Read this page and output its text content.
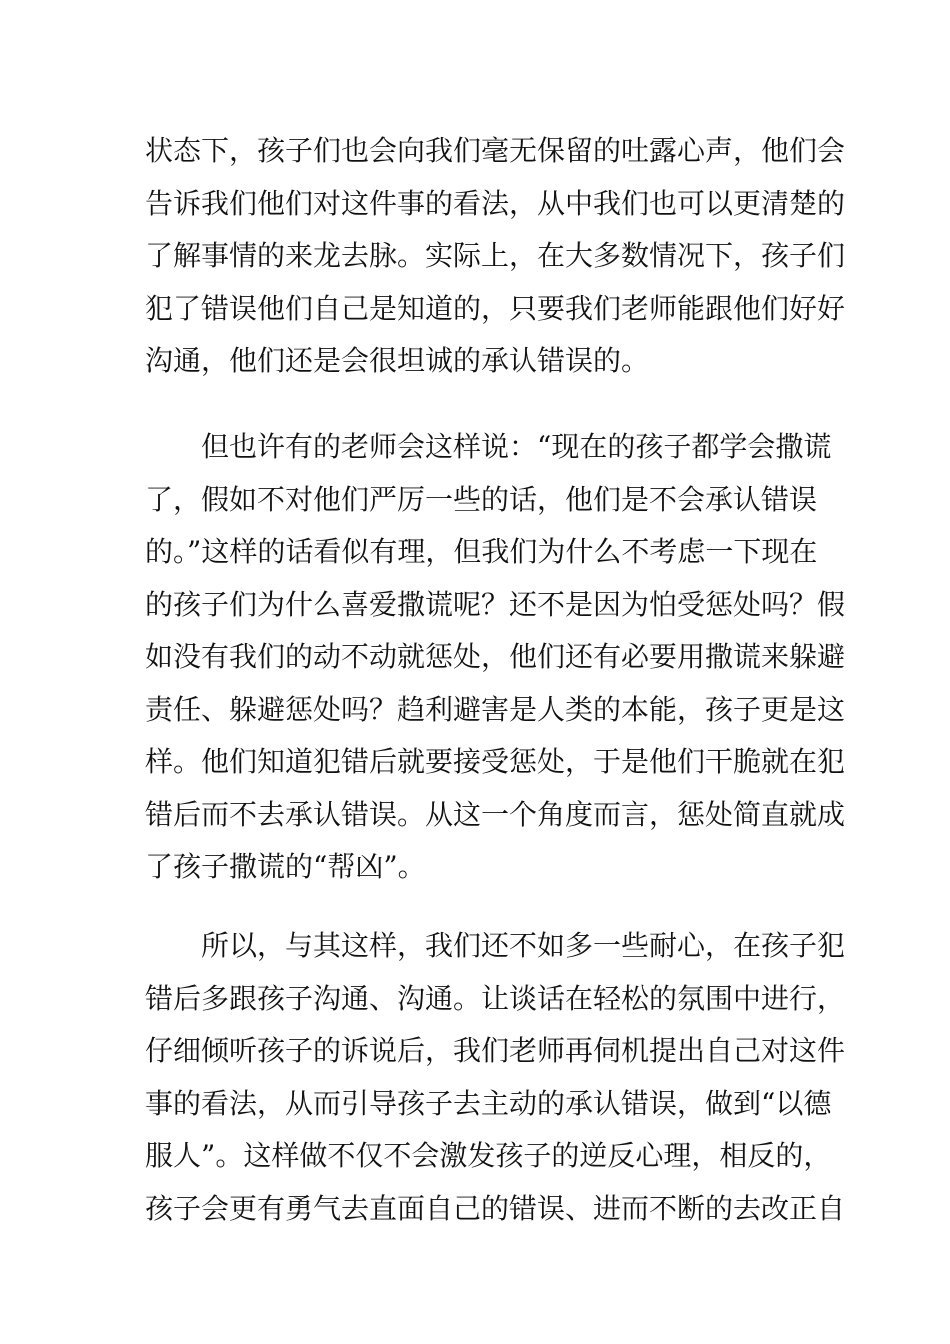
状态下，孩子们也会向我们毫无保留的吐露心声，他们会
告诉我们他们对这件事的看法，从中我们也可以更清楚的
了解事情的来龙去脉。实际上，在大多数情况下，孩子们
犯了错误他们自己是知道的，只要我们老师能跟他们好好
沟通，他们还是会很坦诚的承认错误的。
　　但也许有的老师会这样说：“现在的孩子都学会撒谎
了，假如不对他们严厉一些的话，他们是不会承认错误
的。”这样的话看似有理，但我们为什么不考虑一下现在
的孩子们为什么喜爱撒谎呢？还不是因为怕受惩处吗？假
如没有我们的动不动就惩处，他们还有必要用撒谎来躲避
责任、躲避惩处吗？趋利避害是人类的本能，孩子更是这
样。他们知道犯错后就要接受惩处，于是他们干脆就在犯
错后而不去承认错误。从这一个角度而言，惩处简直就成
了孩子撒谎的“帮凶”。
　　所以，与其这样，我们还不如多一些耐心，在孩子犯
错后多跟孩子沟通、沟通。让谈话在轻松的氛围中进行，
仔细倾听孩子的诉说后，我们老师再伺机提出自己对这件
事的看法，从而引导孩子去主动的承认错误，做到“以德
服人”。这样做不仅不会激发孩子的逆反心理，相反的，
孩子会更有勇气去直面自己的错误、进而不断的去改正自
